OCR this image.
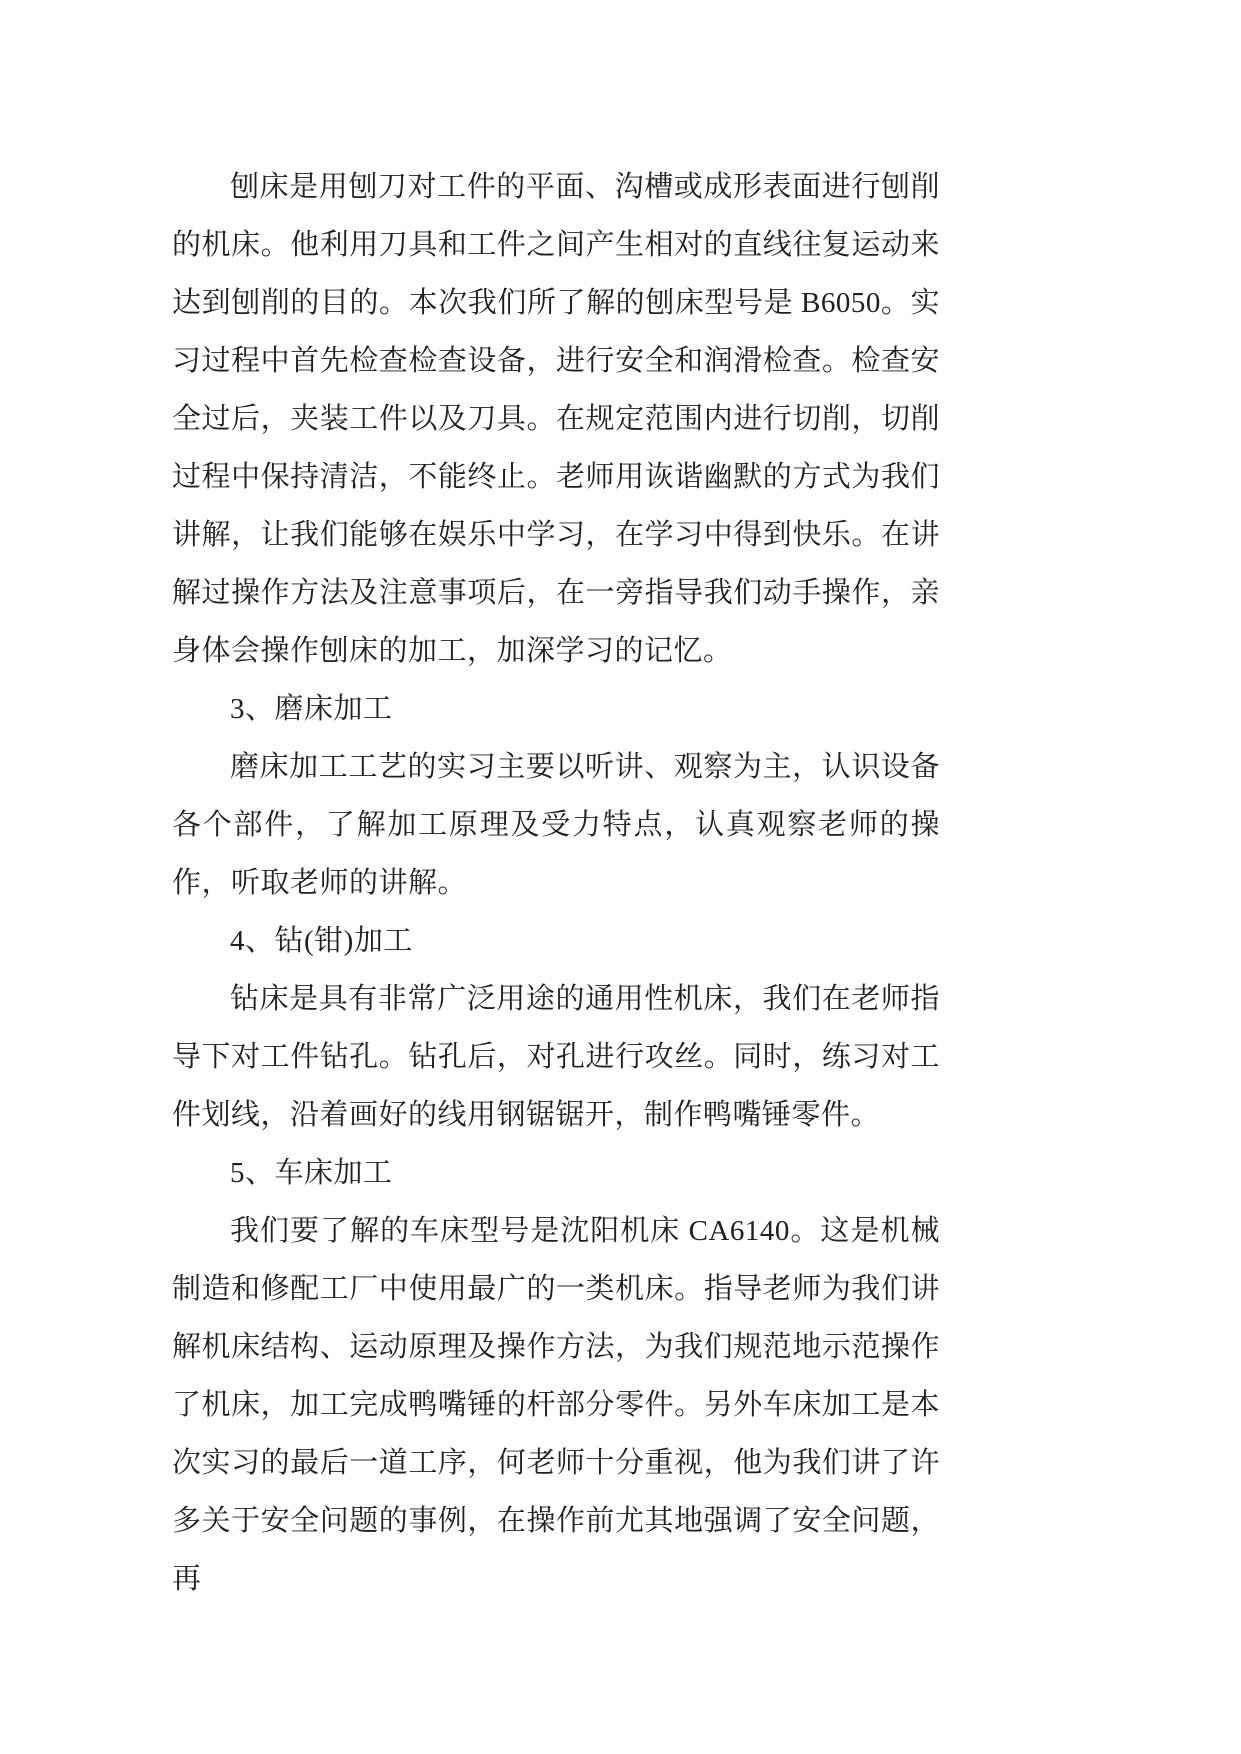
刨床是用刨刀对工件的平面、沟槽或成形表面进行刨削的机床。他利用刀具和工件之间产生相对的直线往复运动来达到刨削的目的。本次我们所了解的刨床型号是 B6050。实习过程中首先检查检查设备，进行安全和润滑检查。检查安全过后，夹装工件以及刀具。在规定范围内进行切削，切削过程中保持清洁，不能终止。老师用诙谐幽默的方式为我们讲解，让我们能够在娱乐中学习，在学习中得到快乐。在讲解过操作方法及注意事项后，在一旁指导我们动手操作，亲身体会操作刨床的加工，加深学习的记忆。

3、磨床加工

磨床加工工艺的实习主要以听讲、观察为主，认识设备各个部件，了解加工原理及受力特点，认真观察老师的操作，听取老师的讲解。

4、钻(钳)加工

钻床是具有非常广泛用途的通用性机床，我们在老师指导下对工件钻孔。钻孔后，对孔进行攻丝。同时，练习对工件划线，沿着画好的线用钢锯锯开，制作鸭嘴锤零件。

5、车床加工

我们要了解的车床型号是沈阳机床 CA6140。这是机械制造和修配工厂中使用最广的一类机床。指导老师为我们讲解机床结构、运动原理及操作方法，为我们规范地示范操作了机床，加工完成鸭嘴锤的杆部分零件。另外车床加工是本次实习的最后一道工序，何老师十分重视，他为我们讲了许多关于安全问题的事例，在操作前尤其地强调了安全问题，再
